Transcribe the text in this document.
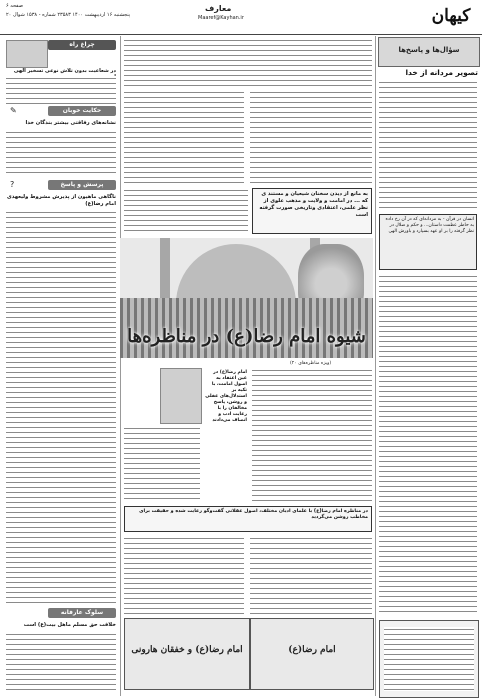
صفحه ۶
پنجشنبه ۱۶ اردیبهشت ۱۴۰۰ ۲۳۵۸۳ شماره - ۱۵۳۸ شوال ۲۰
معارف
Maaref@Kayhan.ir	کیهان
سؤال‌ها و پاسخ‌ها
تصویر مردانه از خدا
انسان در قرآن - به مردانه‌ای که در آن رخ داده به حاطر عظمت داستان... و حکم و ضلال در نظر گرفته را بر او عهد بسپارد و باورش الهی
به مانع از دیدن سخنان شیعیان و مستند ی که ... در امامت و ولایت و مذهب علوی از نظر علمی، اعتقادی وتاریخی صورت گرفته است
شیوه امام رضا(ع) در مناظره‌ها
(ویژه مناظره‌های ۲۰)
امام رضا(ع) در عین اعتقاد به اصول امامت، با تکیه بر استدلال‌های عقلی و روشن، پاسخ مخالفان را با رعایت ادب و انصاف می‌دادند
در مناظره امام رضا(ع) با علمای ادیان مختلف، اصول عقلانی گفت‌وگو رعایت شده و حقیقت برای مخاطب روشن می‌گردید
امام رضا(ع) و خفقان هارونی	امام رضا(ع)
چراغ راه
در شعاعیت بدون تلاش نوعی تسخیر الهی
حکایت خوبان
✎
نشانه‌های رفاقتی بیشتر بندگان خدا
پرسش و پاسخ
?
ناگاهی ماهیون از پذیرش مشروط ولیعهدی امام رضا(ع)
سلوک عارفانه
خلافت حق مسلم ماهل بیت(ع) است
